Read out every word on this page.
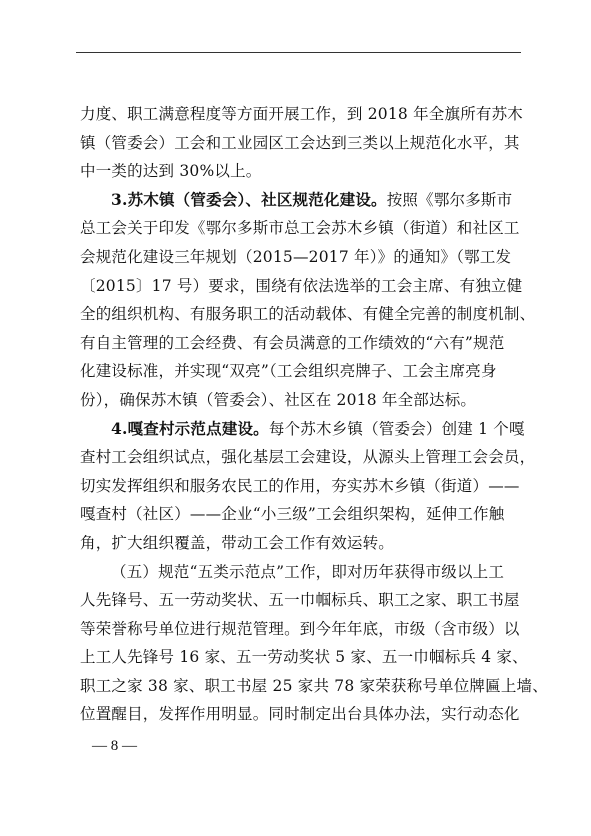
力度、职工满意程度等方面开展工作，到 2018 年全旗所有苏木
镇（管委会）工会和工业园区工会达到三类以上规范化水平，其
中一类的达到 30%以上。
3.苏木镇（管委会）、社区规范化建设。按照《鄂尔多斯市
总工会关于印发《鄂尔多斯市总工会苏木乡镇（街道）和社区工
会规范化建设三年规划（2015—2017 年）》的通知》（鄂工发
〔2015〕17 号）要求，围绕有依法选举的工会主席、有独立健
全的组织机构、有服务职工的活动载体、有健全完善的制度机制、
有自主管理的工会经费、有会员满意的工作绩效的“六有”规范
化建设标准，并实现“双亮”（工会组织亮牌子、工会主席亮身
份），确保苏木镇（管委会）、社区在 2018 年全部达标。
4.嘎查村示范点建设。每个苏木乡镇（管委会）创建 1 个嘎
查村工会组织试点，强化基层工会建设，从源头上管理工会会员，
切实发挥组织和服务农民工的作用，夯实苏木乡镇（街道）——
嘎查村（社区）——企业“小三级”工会组织架构，延伸工作触
角，扩大组织覆盖，带动工会工作有效运转。
（五）规范“五类示范点”工作，即对历年获得市级以上工
人先锋号、五一劳动奖状、五一巾帼标兵、职工之家、职工书屋
等荣誉称号单位进行规范管理。到今年年底，市级（含市级）以
上工人先锋号 16 家、五一劳动奖状 5 家、五一巾帼标兵 4 家、
职工之家 38 家、职工书屋 25 家共 78 家荣获称号单位牌匾上墙、
位置醒目，发挥作用明显。同时制定出台具体办法，实行动态化
— 8 —
